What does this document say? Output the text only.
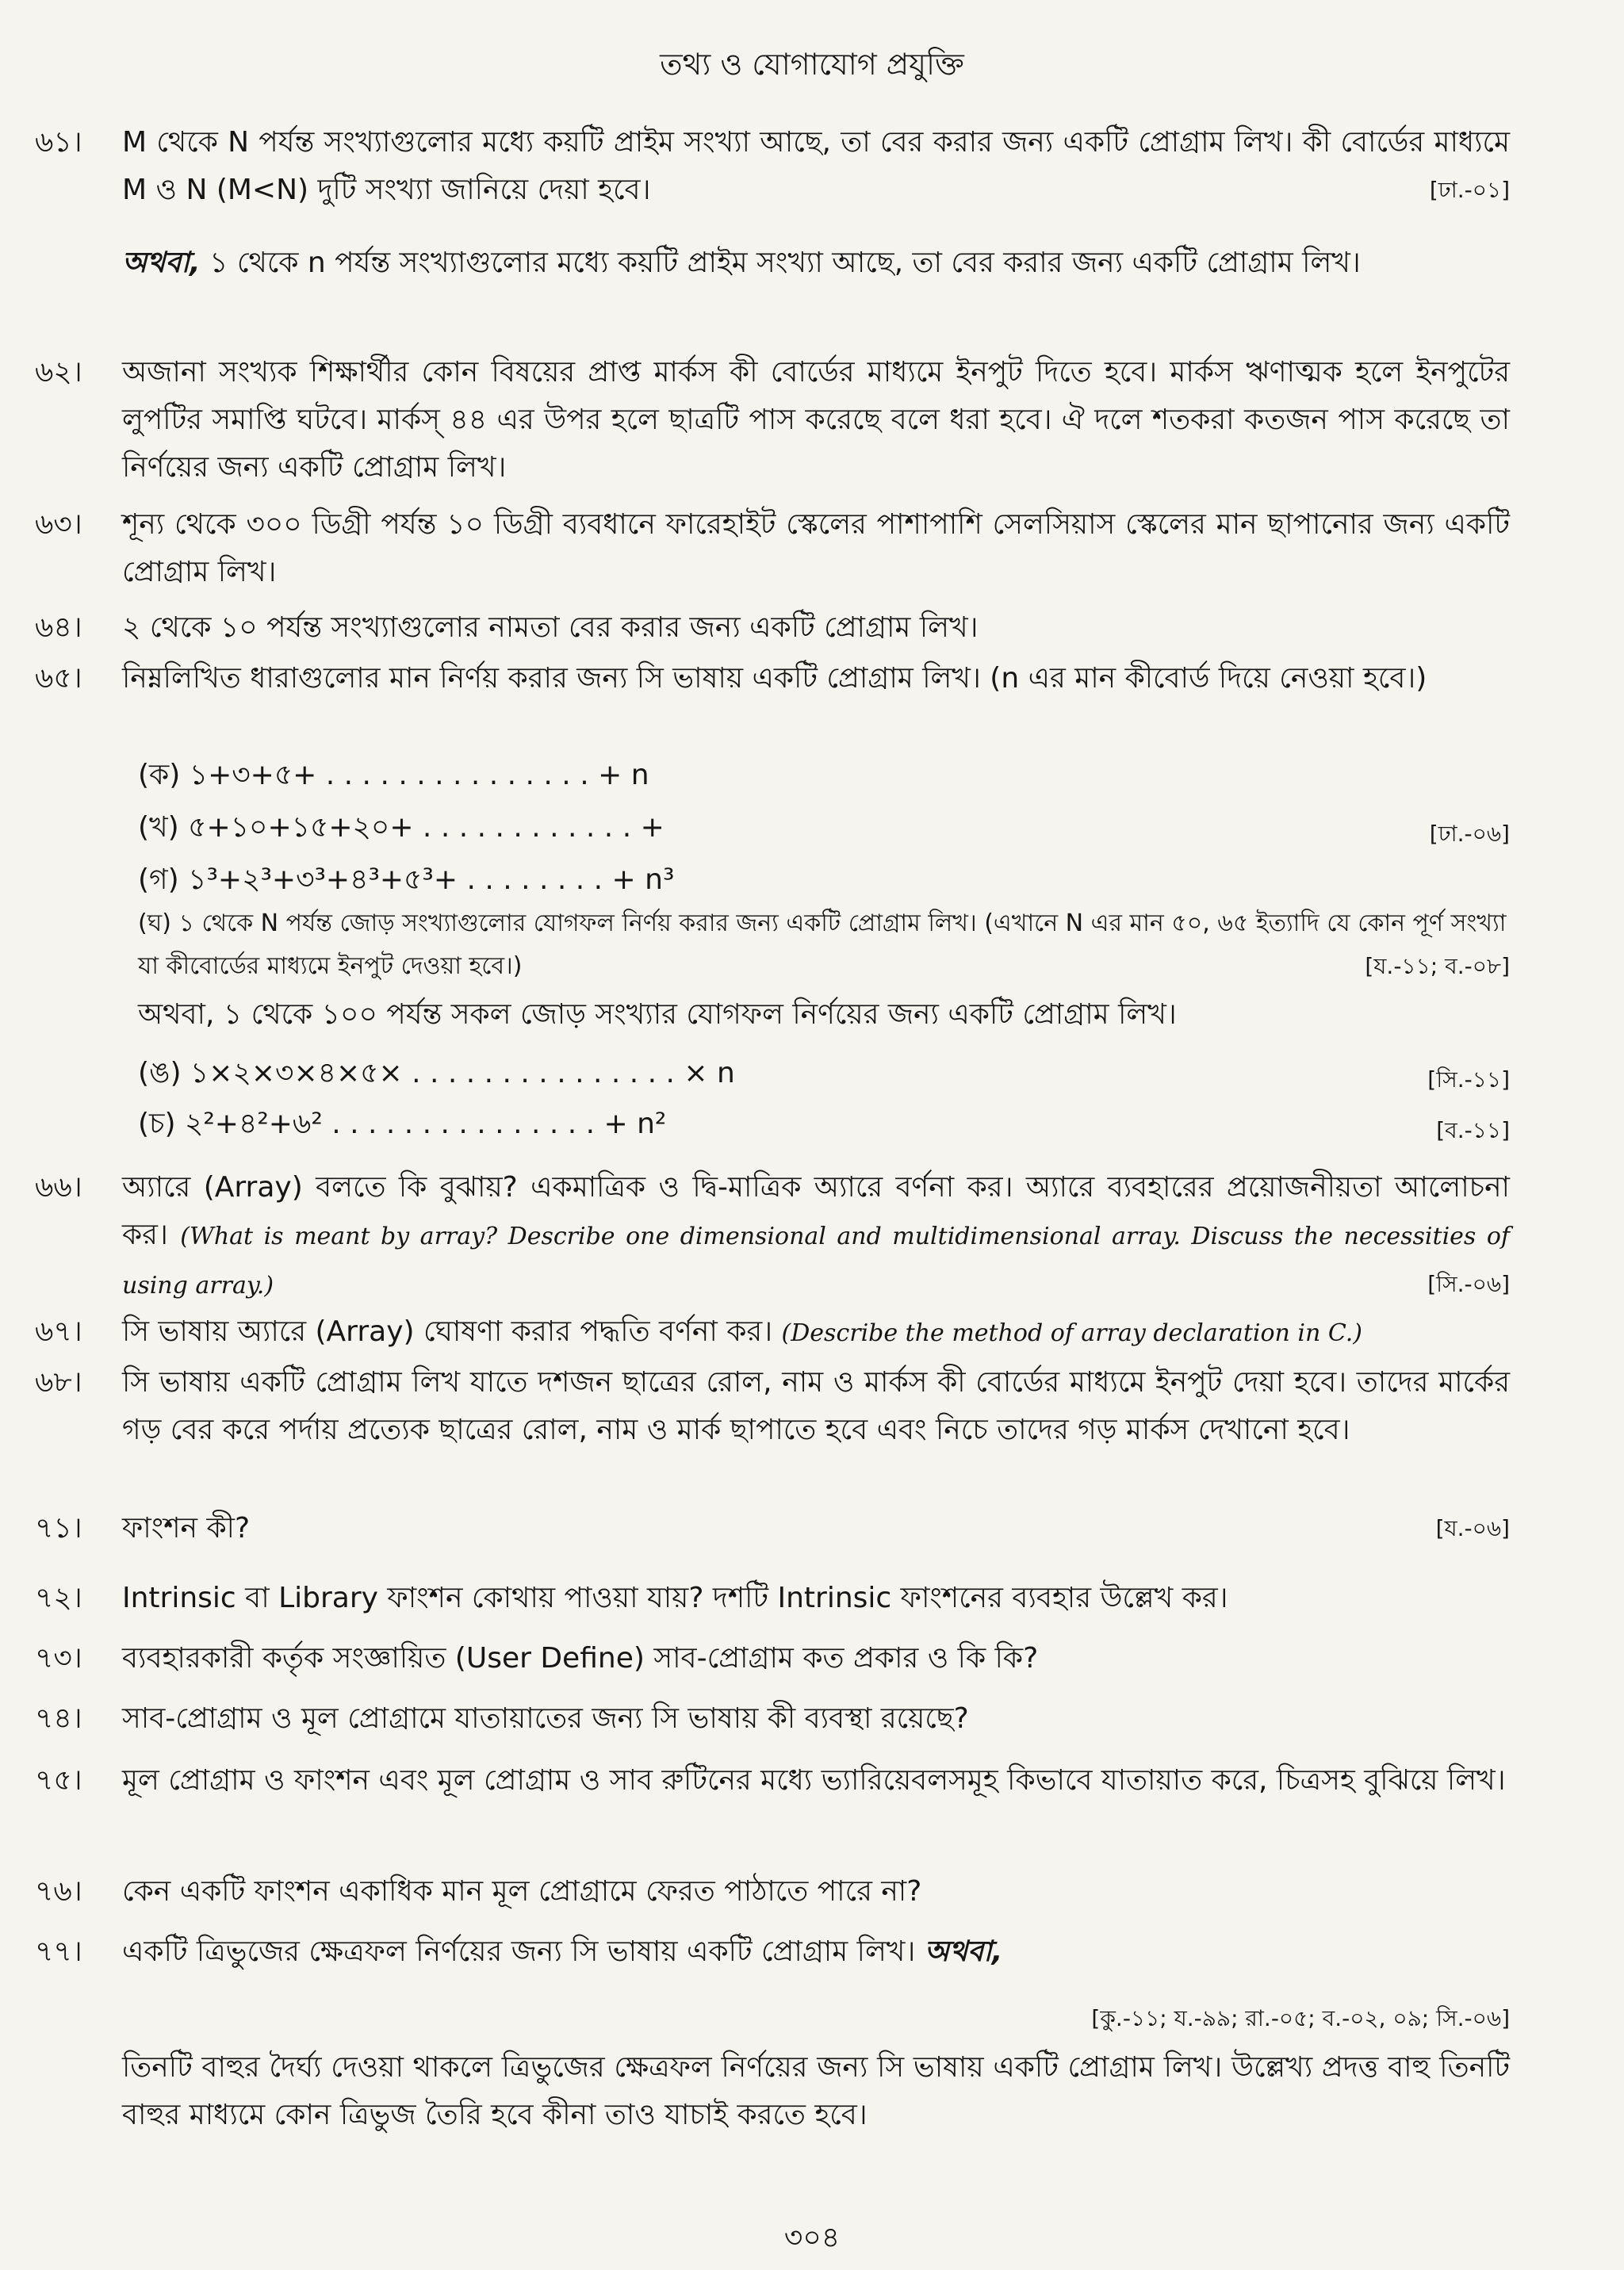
তথ্য ও যোগাযোগ প্রযুক্তি
৬১।	M থেকে N পর্যন্ত সংখ্যাগুলোর মধ্যে কয়টি প্রাইম সংখ্যা আছে, তা বের করার জন্য একটি প্রোগ্রাম লিখ। কী বোর্ডের মাধ্যমে M ও N (M<N) দুটি সংখ্যা জানিয়ে দেয়া হবে।	[ঢা.-০১]
অথবা, ১ থেকে n পর্যন্ত সংখ্যাগুলোর মধ্যে কয়টি প্রাইম সংখ্যা আছে, তা বের করার জন্য একটি প্রোগ্রাম লিখ।
৬২।	অজানা সংখ্যক শিক্ষার্থীর কোন বিষয়ের প্রাপ্ত মার্কস কী বোর্ডের মাধ্যমে ইনপুট দিতে হবে। মার্কস ঋণাত্মক হলে ইনপুটের লুপটির সমাপ্তি ঘটবে। মার্কস্ ৪৪ এর উপর হলে ছাত্রটি পাস করেছে বলে ধরা হবে। ঐ দলে শতকরা কতজন পাস করেছে তা নির্ণয়ের জন্য একটি প্রোগ্রাম লিখ।
৬৩।	শূন্য থেকে ৩০০ ডিগ্রী পর্যন্ত ১০ ডিগ্রী ব্যবধানে ফারেহাইট স্কেলের পাশাপাশি সেলসিয়াস স্কেলের মান ছাপানোর জন্য একটি প্রোগ্রাম লিখ।
৬৪।	২ থেকে ১০ পর্যন্ত সংখ্যাগুলোর নামতা বের করার জন্য একটি প্রোগ্রাম লিখ।
৬৫।	নিম্নলিখিত ধারাগুলোর মান নির্ণয় করার জন্য সি ভাষায় একটি প্রোগ্রাম লিখ। (n এর মান কীবোর্ড দিয়ে নেওয়া হবে।)
(ক) ১+৩+৫+ . . . . . . . . . . . . . . . + n
(খ) ৫+১০+১৫+২০+ . . . . . . . . . . . . +	[ঢা.-০৬]
(গ) ১³+২³+৩³+৪³+৫³+ . . . . . . . . + n³
(ঘ) ১ থেকে N পর্যন্ত জোড় সংখ্যাগুলোর যোগফল নির্ণয় করার জন্য একটি প্রোগ্রাম লিখ। (এখানে N এর মান ৫০, ৬৫ ইত্যাদি যে কোন পূর্ণ সংখ্যা যা কীবোর্ডের মাধ্যমে ইনপুট দেওয়া হবে।)	[য.-১১; ব.-০৮]
অথবা, ১ থেকে ১০০ পর্যন্ত সকল জোড় সংখ্যার যোগফল নির্ণয়ের জন্য একটি প্রোগ্রাম লিখ।
(ঙ) ১×২×৩×৪×৫× . . . . . . . . . . . . . . . × n	[সি.-১১]
(চ) ২²+৪²+৬² . . . . . . . . . . . . . . . + n²	[ব.-১১]
৬৬।	অ্যারে (Array) বলতে কি বুঝায়? একমাত্রিক ও দ্বি-মাত্রিক অ্যারে বর্ণনা কর। অ্যারে ব্যবহারের প্রয়োজনীয়তা আলোচনা কর। (What is meant by array? Describe one dimensional and multidimensional array. Discuss the necessities of using array.)	[সি.-০৬]
৬৭।	সি ভাষায় অ্যারে (Array) ঘোষণা করার পদ্ধতি বর্ণনা কর। (Describe the method of array declaration in C.)
৬৮।	সি ভাষায় একটি প্রোগ্রাম লিখ যাতে দশজন ছাত্রের রোল, নাম ও মার্কস কী বোর্ডের মাধ্যমে ইনপুট দেয়া হবে। তাদের মার্কের গড় বের করে পর্দায় প্রত্যেক ছাত্রের রোল, নাম ও মার্ক ছাপাতে হবে এবং নিচে তাদের গড় মার্কস দেখানো হবে।
৭১।	ফাংশন কী?	[য.-০৬]
৭২।	Intrinsic বা Library ফাংশন কোথায় পাওয়া যায়? দশটি Intrinsic ফাংশনের ব্যবহার উল্লেখ কর।
৭৩।	ব্যবহারকারী কর্তৃক সংজ্ঞায়িত (User Define) সাব-প্রোগ্রাম কত প্রকার ও কি কি?
৭৪।	সাব-প্রোগ্রাম ও মূল প্রোগ্রামে যাতায়াতের জন্য সি ভাষায় কী ব্যবস্থা রয়েছে?
৭৫।	মূল প্রোগ্রাম ও ফাংশন এবং মূল প্রোগ্রাম ও সাব রুটিনের মধ্যে ভ্যারিয়েবলসমূহ কিভাবে যাতায়াত করে, চিত্রসহ বুঝিয়ে লিখ।
৭৬।	কেন একটি ফাংশন একাধিক মান মূল প্রোগ্রামে ফেরত পাঠাতে পারে না?
৭৭।	একটি ত্রিভুজের ক্ষেত্রফল নির্ণয়ের জন্য সি ভাষায় একটি প্রোগ্রাম লিখ। অথবা,
[কু.-১১; য.-৯৯; রা.-০৫; ব.-০২, ০৯; সি.-০৬]
তিনটি বাহুর দৈর্ঘ্য দেওয়া থাকলে ত্রিভুজের ক্ষেত্রফল নির্ণয়ের জন্য সি ভাষায় একটি প্রোগ্রাম লিখ। উল্লেখ্য প্রদত্ত বাহু তিনটি বাহুর মাধ্যমে কোন ত্রিভুজ তৈরি হবে কীনা তাও যাচাই করতে হবে।
৩০৪
